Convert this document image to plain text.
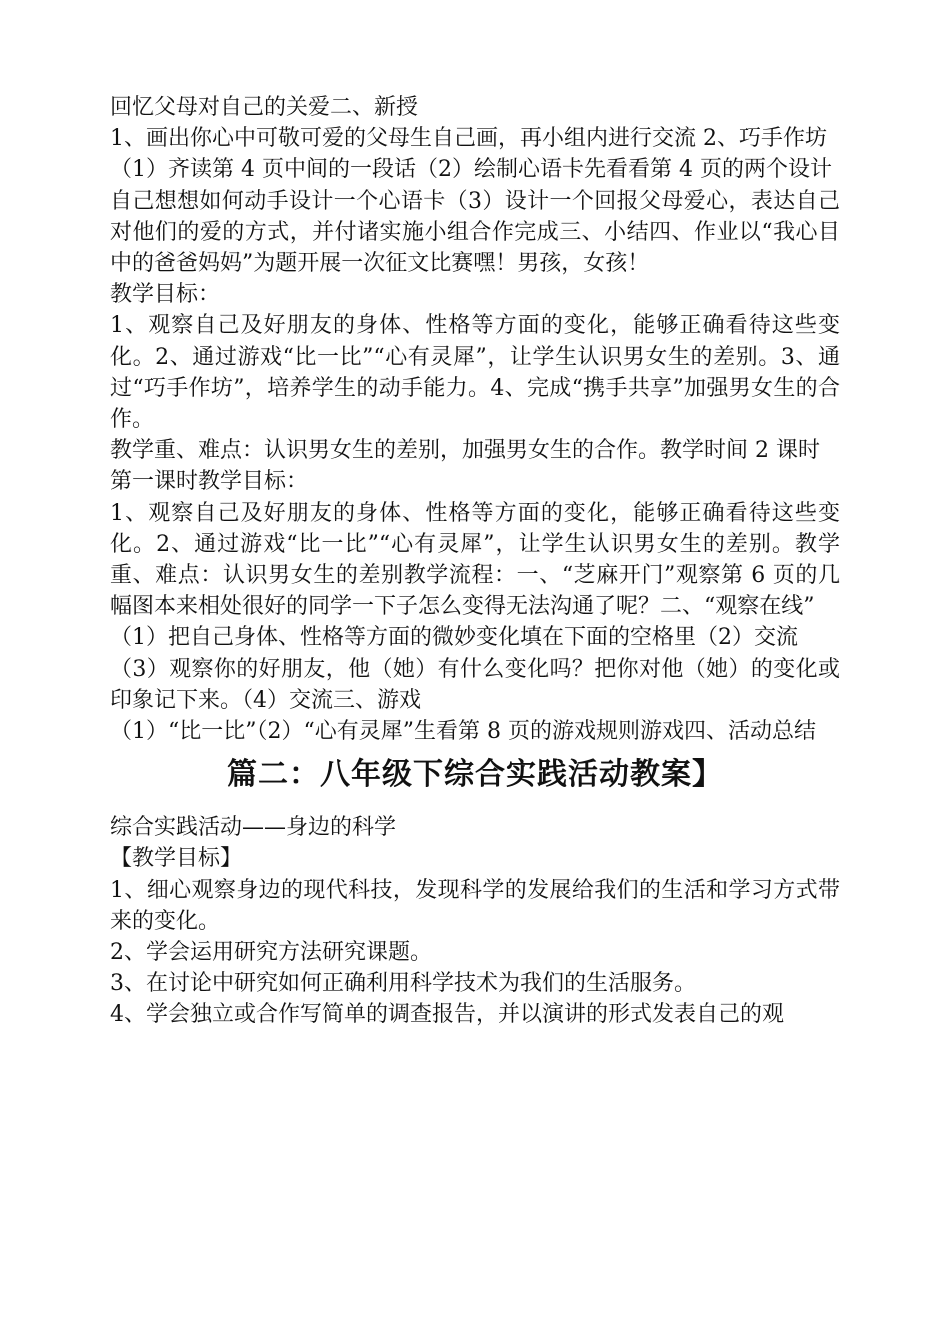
回忆父母对自己的关爱二、新授

1、画出你心中可敬可爱的父母生自己画，再小组内进行交流 2、巧手作坊

（1）齐读第 4 页中间的一段话（2）绘制心语卡先看看第 4 页的两个设计

自己想想如何动手设计一个心语卡（3）设计一个回报父母爱心，表达自己对他们的爱的方式，并付诸实施小组合作完成三、小结四、作业以“我心目中的爸爸妈妈”为题开展一次征文比赛嘿！男孩，女孩！

教学目标：

1、观察自己及好朋友的身体、性格等方面的变化，能够正确看待这些变化。2、通过游戏“比一比”“心有灵犀”，让学生认识男女生的差别。3、通过“巧手作坊”，培养学生的动手能力。4、完成“携手共享”加强男女生的合作。

教学重、难点：认识男女生的差别，加强男女生的合作。教学时间 2 课时

第一课时教学目标：

1、观察自己及好朋友的身体、性格等方面的变化，能够正确看待这些变化。2、通过游戏“比一比”“心有灵犀”，让学生认识男女生的差别。教学重、难点：认识男女生的差别教学流程：一、“芝麻开门”观察第 6 页的几幅图本来相处很好的同学一下子怎么变得无法沟通了呢？二、“观察在线”

（1）把自己身体、性格等方面的微妙变化填在下面的空格里（2）交流

（3）观察你的好朋友，他（她）有什么变化吗？把你对他（她）的变化或印象记下来。（4）交流三、游戏

（1）“比一比”（2）“心有灵犀”生看第 8 页的游戏规则游戏四、活动总结

篇二：八年级下综合实践活动教案】

综合实践活动——身边的科学

【教学目标】

1、细心观察身边的现代科技，发现科学的发展给我们的生活和学习方式带来的变化。

2、学会运用研究方法研究课题。

3、在讨论中研究如何正确利用科学技术为我们的生活服务。

4、学会独立或合作写简单的调查报告，并以演讲的形式发表自己的观
